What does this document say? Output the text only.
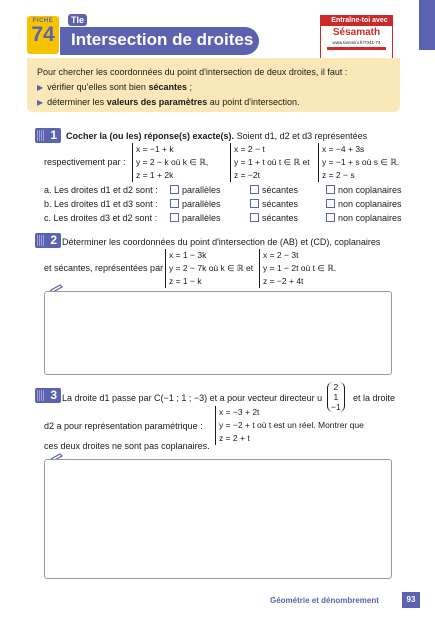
FICHE
74
Tle
Intersection de droites
Entraîne-toi avec
Sésamath
www.tienmini.fr/7341-74
Pour chercher les coordonnées du point d'intersection de deux droites, il faut :
▶ vérifier qu'elles sont bien sécantes ;
▶ déterminer les valeurs des paramètres au point d'intersection.
1	Cocher la (ou les) réponse(s) exacte(s). Soient d1, d2 et d3 représentées
respectivement par :
x = −1 + k
y = 2 − k où k ∈ ℝ,
z = 1 + 2k
x = 2 − t
y = 1 + t où t ∈ ℝ et
z = −2t
x = −4 + 3s
y = −1 + s où s ∈ ℝ.
z = 2 − s
a. Les droites d1 et d2 sont :	parallèles	sécantes	non coplanaires
b. Les droites d1 et d3 sont :	parallèles	sécantes	non coplanaires
c. Les droites d3 et d2 sont :	parallèles	sécantes	non coplanaires
2 Déterminer les coordonnées du point d'intersection de (AB) et (CD), coplanaires
et sécantes, représentées par
x = 1 − 3k
y = 2 − 7k où k ∈ ℝ et
z = 1 − k
x = 2 − 3t
y = 1 − 2t où t ∈ ℝ.
z = −2 + 4t
3 La droite d1 passe par C(−1 ; 1 ; −3) et a pour vecteur directeur u
2
1
−1
et la droite
d2 a pour représentation paramétrique :
x = −3 + 2t
y = −2 + t où t est un réel. Montrer que
z = 2 + t
ces deux droites ne sont pas coplanaires.
Géométrie et dénombrement	93
